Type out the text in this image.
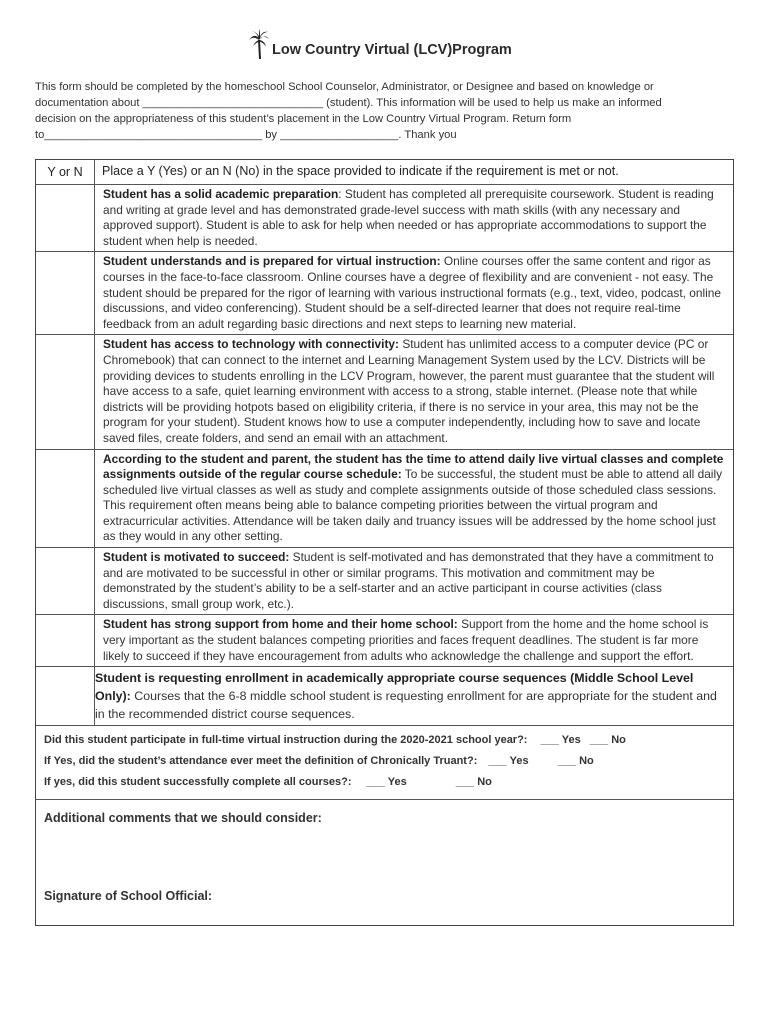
Low Country Virtual (LCV)Program

This form should be completed by the homeschool School Counselor, Administrator, or Designee and based on knowledge or

documentation about _____________________________ (student). This information will be used to help us make an informed

decision on the appropriateness of this student’s placement in the Low Country Virtual Program. Return form

to___________________________________ by ___________________. Thank you

Y or N	Place a Y (Yes) or an N (No) in the space provided to indicate if the requirement is met or not.
Student has a solid academic preparation: Student has completed all prerequisite coursework. Student is reading and writing at grade level and has demonstrated grade-level success with math skills (with any necessary and approved support). Student is able to ask for help when needed or has appropriate accommodations to support the student when help is needed.
Student understands and is prepared for virtual instruction: Online courses offer the same content and rigor as courses in the face-to-face classroom. Online courses have a degree of flexibility and are convenient - not easy. The student should be prepared for the rigor of learning with various instructional formats (e.g., text, video, podcast, online discussions, and video conferencing). Student should be a self-directed learner that does not require real-time feedback from an adult regarding basic directions and next steps to learning new material.
Student has access to technology with connectivity: Student has unlimited access to a computer device (PC or Chromebook) that can connect to the internet and Learning Management System used by the LCV. Districts will be providing devices to students enrolling in the LCV Program, however, the parent must guarantee that the student will have access to a safe, quiet learning environment with access to a strong, stable internet. (Please note that while districts will be providing hotpots based on eligibility criteria, if there is no service in your area, this may not be the program for your student). Student knows how to use a computer independently, including how to save and locate saved files, create folders, and send an email with an attachment.
According to the student and parent, the student has the time to attend daily live virtual classes and complete assignments outside of the regular course schedule: To be successful, the student must be able to attend all daily scheduled live virtual classes as well as study and complete assignments outside of those scheduled class sessions. This requirement often means being able to balance competing priorities between the virtual program and extracurricular activities. Attendance will be taken daily and truancy issues will be addressed by the home school just as they would in any other setting.
Student is motivated to succeed: Student is self-motivated and has demonstrated that they have a commitment to and are motivated to be successful in other or similar programs. This motivation and commitment may be demonstrated by the student’s ability to be a self-starter and an active participant in course activities (class discussions, small group work, etc.).
Student has strong support from home and their home school: Support from the home and the home school is very important as the student balances competing priorities and faces frequent deadlines. The student is far more likely to succeed if they have encouragement from adults who acknowledge the challenge and support the effort.
Student is requesting enrollment in academically appropriate course sequences (Middle School Level Only): Courses that the 6-8 middle school student is requesting enrollment for are appropriate for the student and in the recommended district course sequences.
Did this student participate in full-time virtual instruction during the 2020-2021 school year?: ___ Yes ___ No
If Yes, did the student’s attendance ever meet the definition of Chronically Truant?: ___ Yes	___ No
If yes, did this student successfully complete all courses?: ___ Yes	___ No
Additional comments that we should consider:
Signature of School Official:
